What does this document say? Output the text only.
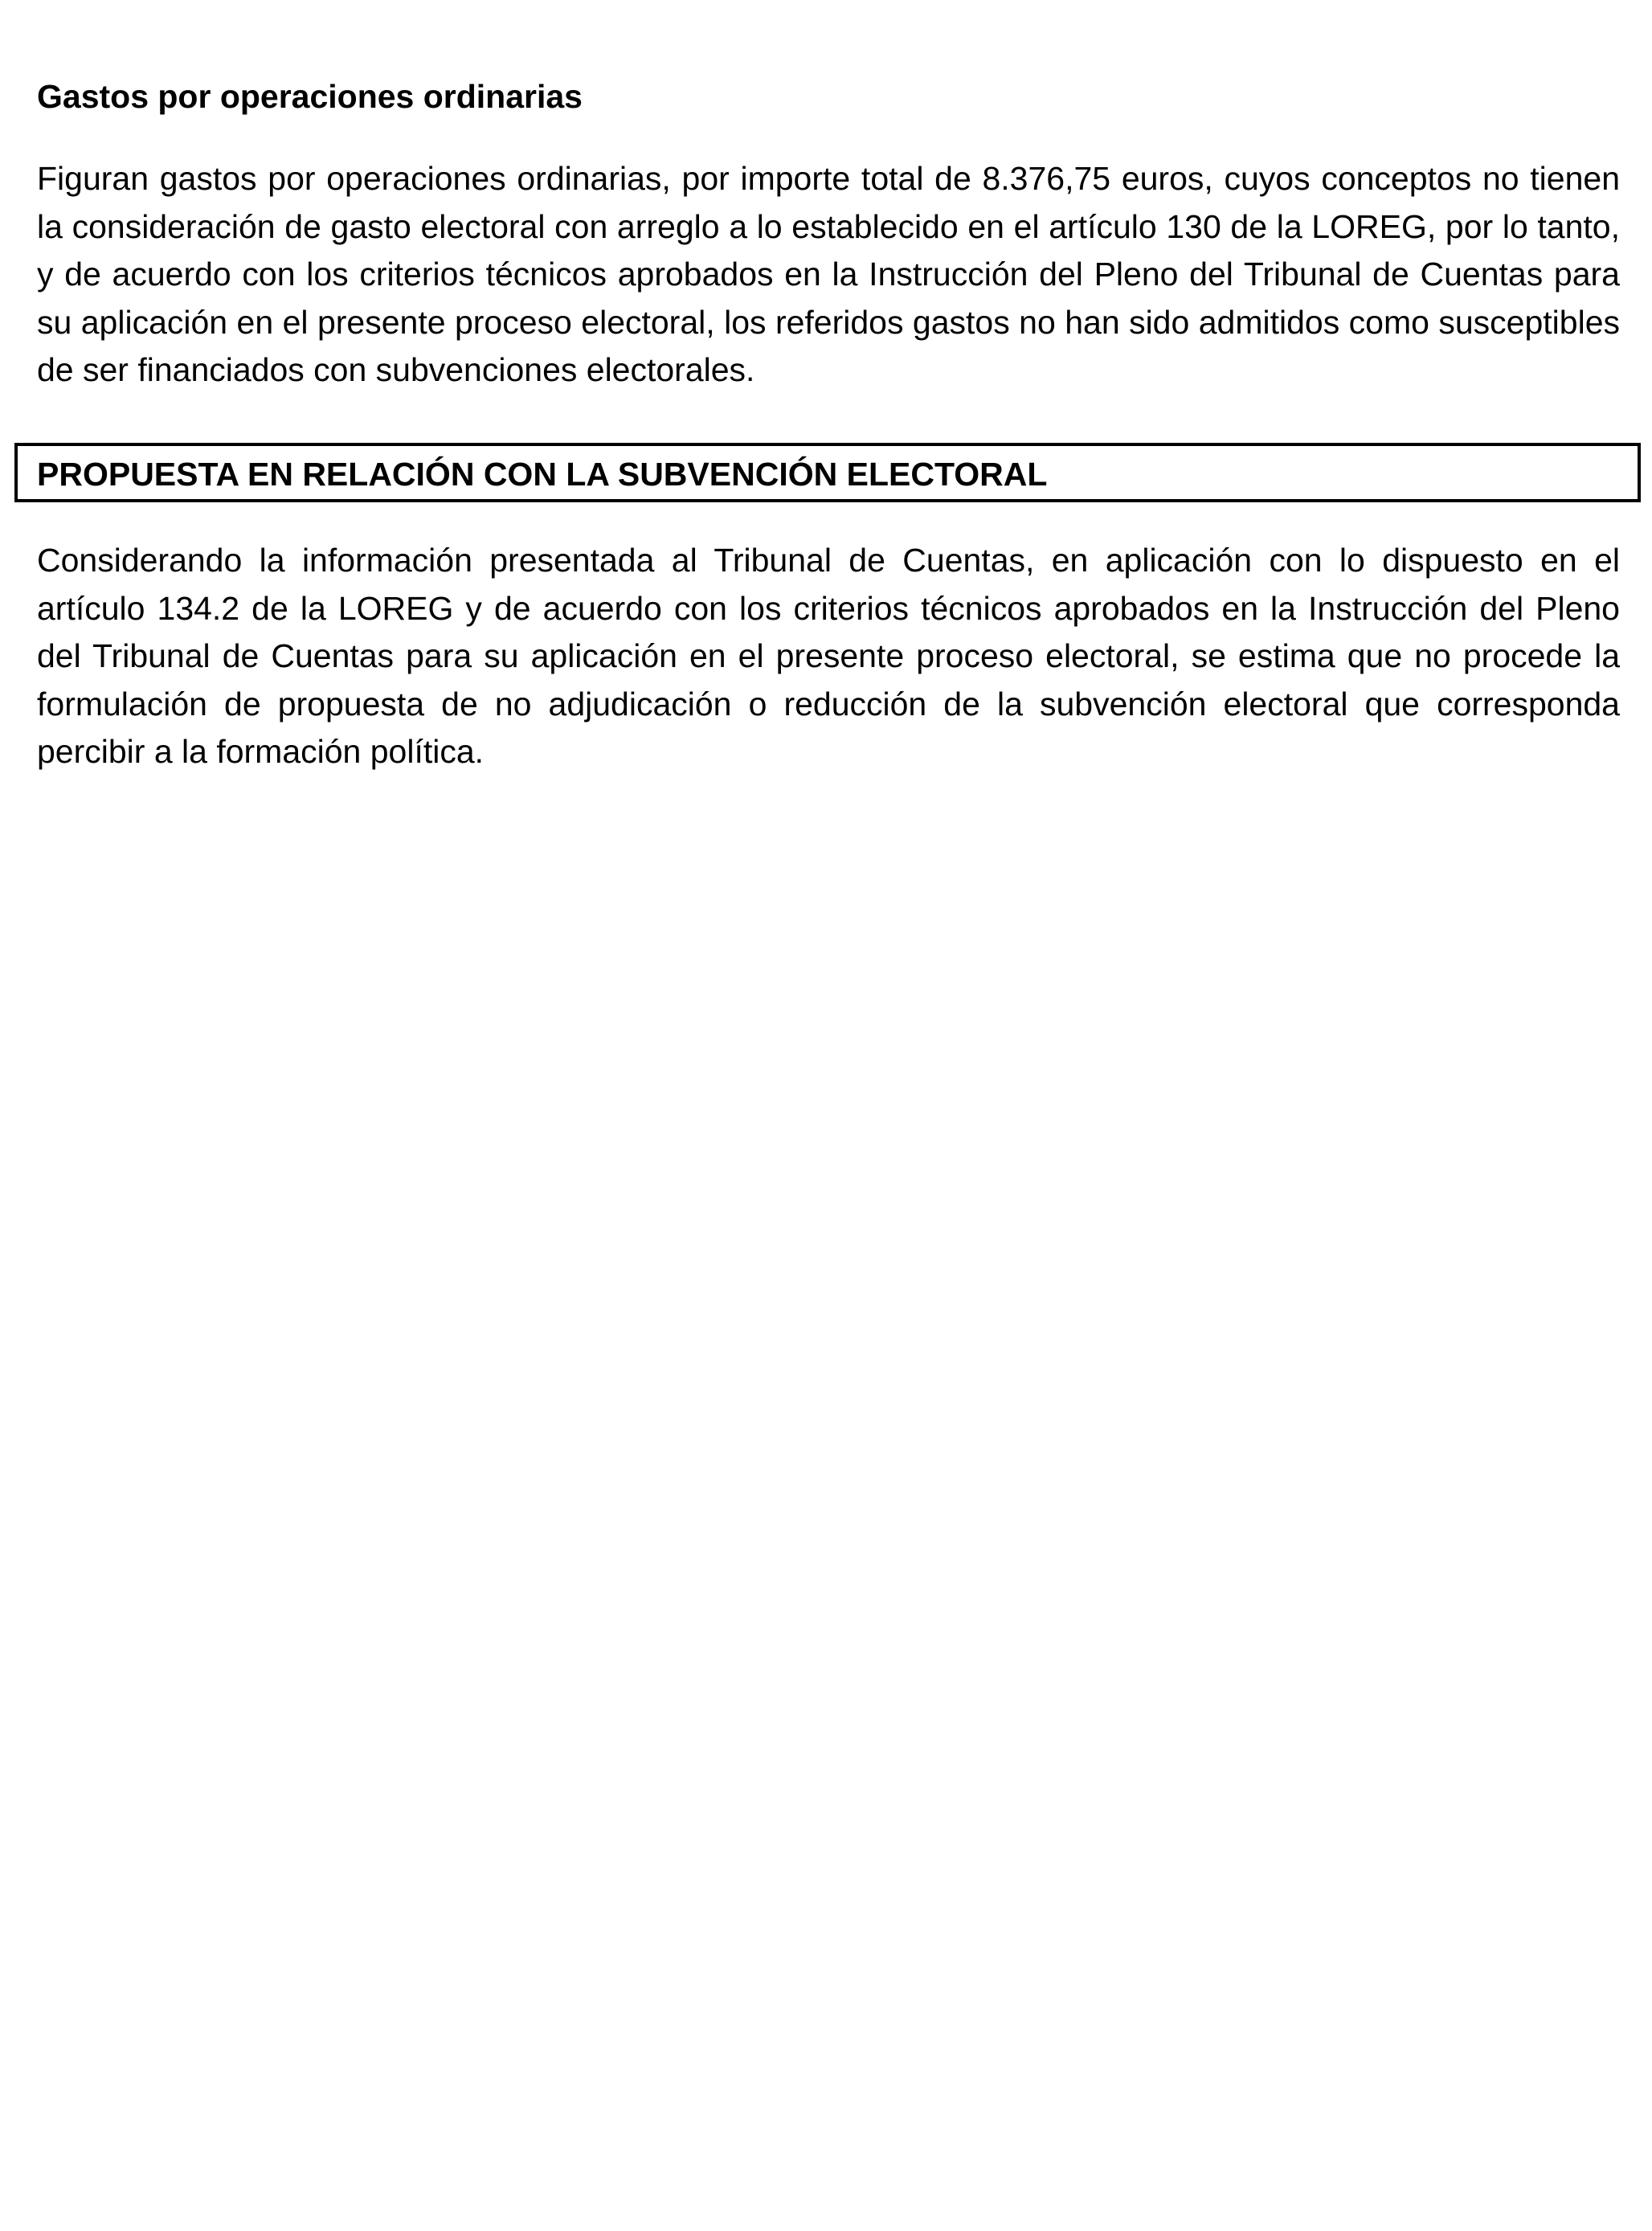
Gastos por operaciones ordinarias

Figuran gastos por operaciones ordinarias, por importe total de 8.376,75 euros, cuyos conceptos no tienen la consideración de gasto electoral con arreglo a lo establecido en el artículo 130 de la LOREG, por lo tanto, y de acuerdo con los criterios técnicos aprobados en la Instrucción del Pleno del Tribunal de Cuentas para su aplicación en el presente proceso electoral, los referidos gastos no han sido admitidos como susceptibles de ser financiados con subvenciones electorales.

PROPUESTA EN RELACIÓN CON LA SUBVENCIÓN ELECTORAL

Considerando la información presentada al Tribunal de Cuentas, en aplicación con lo dispuesto en el artículo 134.2 de la LOREG y de acuerdo con los criterios técnicos aprobados en la Instrucción del Pleno del Tribunal de Cuentas para su aplicación en el presente proceso electoral, se estima que no procede la formulación de propuesta de no adjudicación o reducción de la subvención electoral que corresponda percibir a la formación política.
